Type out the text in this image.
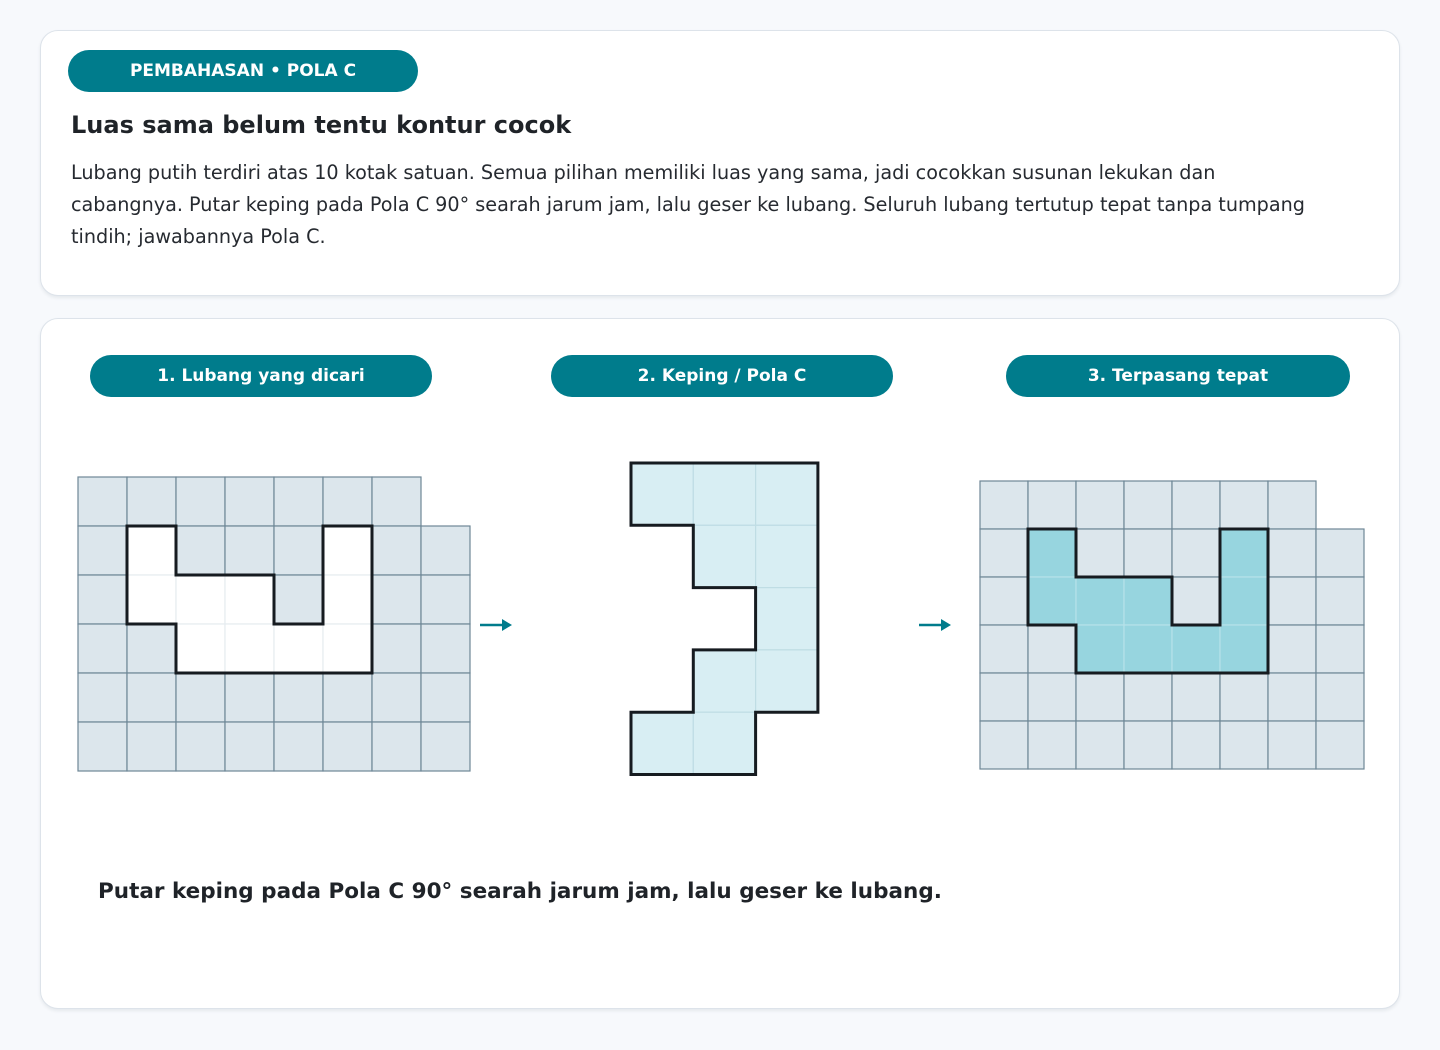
PEMBAHASAN • POLA C
Luas sama belum tentu kontur cocok

Lubang putih terdiri atas 10 kotak satuan. Semua pilihan memiliki luas yang sama, jadi cocokkan susunan lekukan dan cabangnya. Putar keping pada Pola C 90° searah jarum jam, lalu geser ke lubang. Seluruh lubang tertutup tepat tanpa tumpang tindih; jawabannya Pola C.

1. Lubang yang dicari	2. Keping / Pola C	3. Terpasang tepat

Putar keping pada Pola C 90° searah jarum jam, lalu geser ke lubang.
